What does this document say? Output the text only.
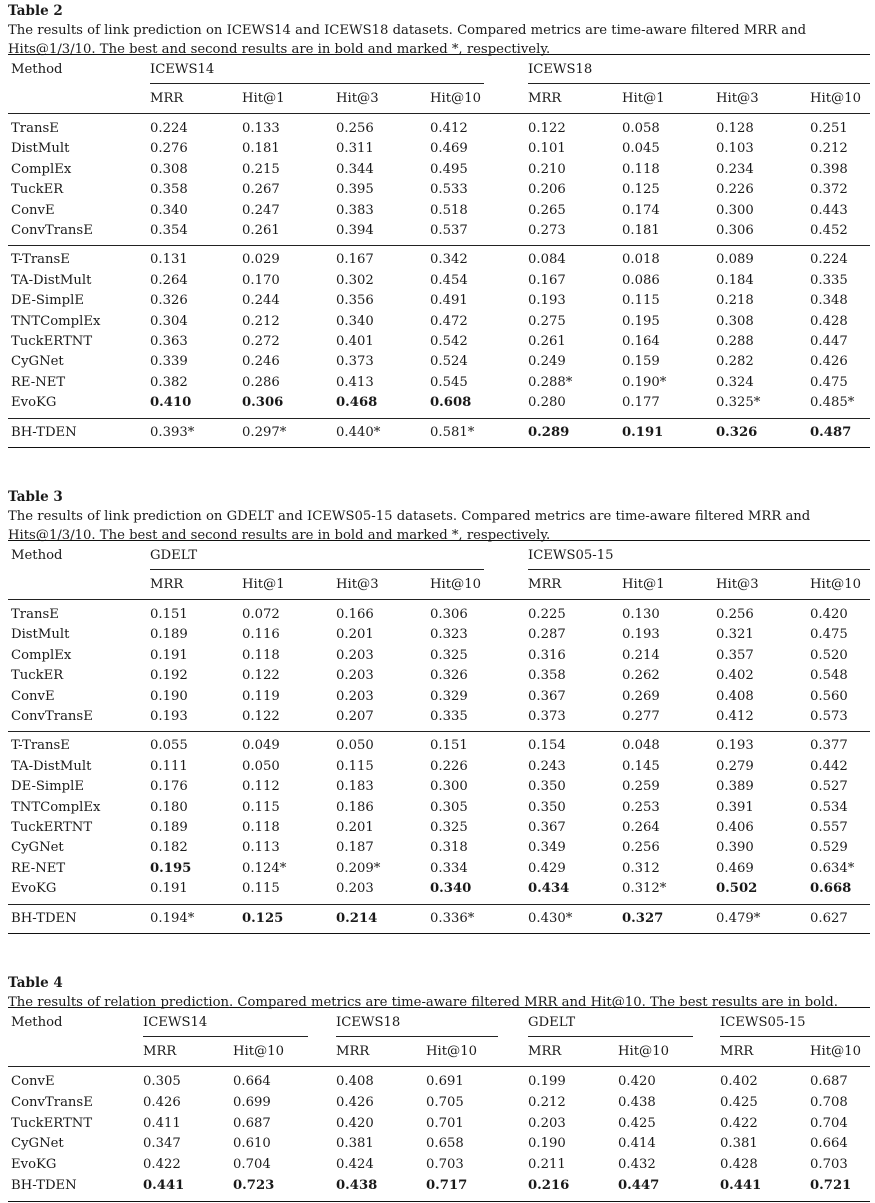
Table 2
The results of link prediction on ICEWS14 and ICEWS18 datasets. Compared metrics are time-aware filtered MRR and
Hits@1/3/10. The best and second results are in bold and marked *, respectively.
Method	ICEWS14
MRR	Hit@1	Hit@3	Hit@10
ICEWS18
MRR	Hit@1	Hit@3	Hit@10
TransE	0.224	0.133	0.256	0.412	0.122	0.058	0.128	0.251
DistMult	0.276	0.181	0.311	0.469	0.101	0.045	0.103	0.212
ComplEx	0.308	0.215	0.344	0.495	0.210	0.118	0.234	0.398
TuckER	0.358	0.267	0.395	0.533	0.206	0.125	0.226	0.372
ConvE	0.340	0.247	0.383	0.518	0.265	0.174	0.300	0.443
ConvTransE	0.354	0.261	0.394	0.537	0.273	0.181	0.306	0.452
T-TransE	0.131	0.029	0.167	0.342	0.084	0.018	0.089	0.224
TA-DistMult	0.264	0.170	0.302	0.454	0.167	0.086	0.184	0.335
DE-SimplE	0.326	0.244	0.356	0.491	0.193	0.115	0.218	0.348
TNTComplEx	0.304	0.212	0.340	0.472	0.275	0.195	0.308	0.428
TuckERTNT	0.363	0.272	0.401	0.542	0.261	0.164	0.288	0.447
CyGNet	0.339	0.246	0.373	0.524	0.249	0.159	0.282	0.426
RE-NET	0.382	0.286	0.413	0.545	0.288*	0.190*	0.324	0.475
EvoKG	0.410	0.306	0.468	0.608	0.280	0.177	0.325*	0.485*
BH-TDEN	0.393*	0.297*	0.440*	0.581*	0.289	0.191	0.326	0.487
Table 3
The results of link prediction on GDELT and ICEWS05-15 datasets. Compared metrics are time-aware filtered MRR and
Hits@1/3/10. The best and second results are in bold and marked *, respectively.
Method	GDELT
MRR	Hit@1	Hit@3	Hit@10
ICEWS05-15
MRR	Hit@1	Hit@3	Hit@10
TransE	0.151	0.072	0.166	0.306	0.225	0.130	0.256	0.420
DistMult	0.189	0.116	0.201	0.323	0.287	0.193	0.321	0.475
ComplEx	0.191	0.118	0.203	0.325	0.316	0.214	0.357	0.520
TuckER	0.192	0.122	0.203	0.326	0.358	0.262	0.402	0.548
ConvE	0.190	0.119	0.203	0.329	0.367	0.269	0.408	0.560
ConvTransE	0.193	0.122	0.207	0.335	0.373	0.277	0.412	0.573
T-TransE	0.055	0.049	0.050	0.151	0.154	0.048	0.193	0.377
TA-DistMult	0.111	0.050	0.115	0.226	0.243	0.145	0.279	0.442
DE-SimplE	0.176	0.112	0.183	0.300	0.350	0.259	0.389	0.527
TNTComplEx	0.180	0.115	0.186	0.305	0.350	0.253	0.391	0.534
TuckERTNT	0.189	0.118	0.201	0.325	0.367	0.264	0.406	0.557
CyGNet	0.182	0.113	0.187	0.318	0.349	0.256	0.390	0.529
RE-NET	0.195	0.124*	0.209*	0.334	0.429	0.312	0.469	0.634*
EvoKG	0.191	0.115	0.203	0.340	0.434	0.312*	0.502	0.668
BH-TDEN	0.194*	0.125	0.214	0.336*	0.430*	0.327	0.479*	0.627
Table 4
The results of relation prediction. Compared metrics are time-aware filtered MRR and Hit@10. The best results are in bold.
Method	ICEWS14
MRR	Hit@10
ICEWS18
MRR	Hit@10
GDELT
MRR	Hit@10
ICEWS05-15
MRR	Hit@10
ConvE	0.305	0.664	0.408	0.691	0.199	0.420	0.402	0.687
ConvTransE	0.426	0.699	0.426	0.705	0.212	0.438	0.425	0.708
TuckERTNT	0.411	0.687	0.420	0.701	0.203	0.425	0.422	0.704
CyGNet	0.347	0.610	0.381	0.658	0.190	0.414	0.381	0.664
EvoKG	0.422	0.704	0.424	0.703	0.211	0.432	0.428	0.703
BH-TDEN	0.441	0.723	0.438	0.717	0.216	0.447	0.441	0.721
